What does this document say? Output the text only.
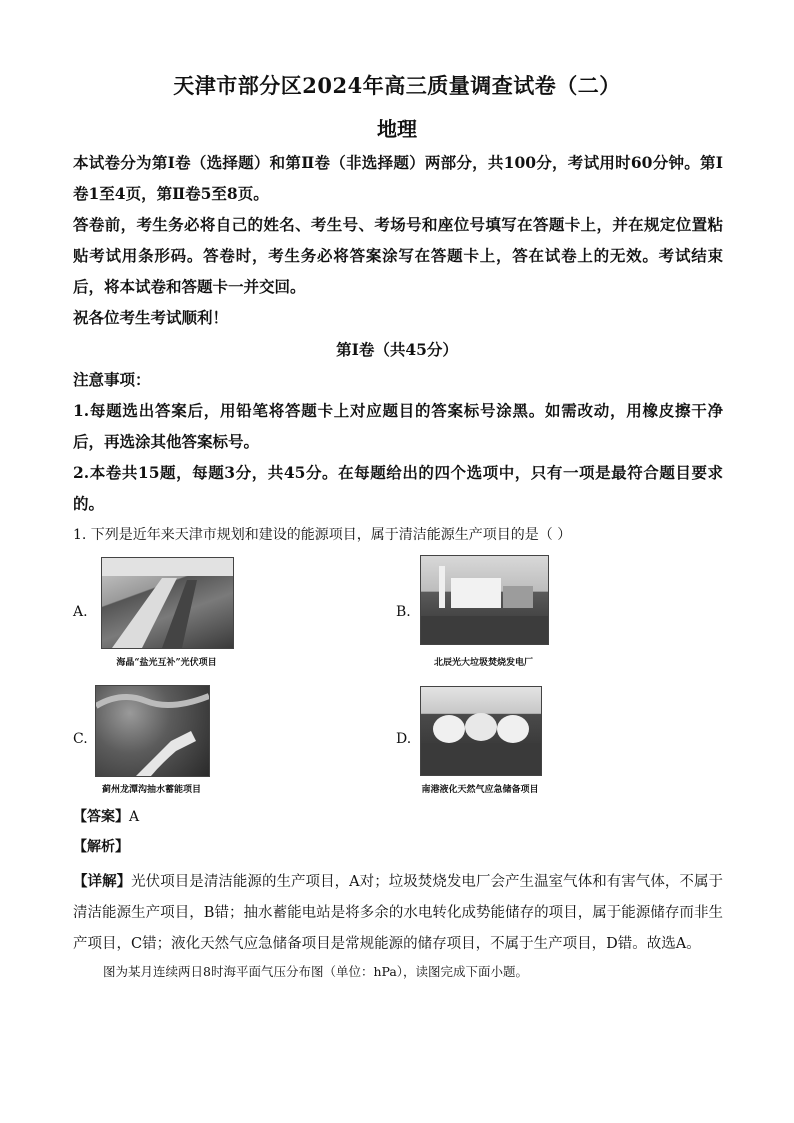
天津市部分区2024年高三质量调查试卷（二）
地理
本试卷分为第Ⅰ卷（选择题）和第Ⅱ卷（非选择题）两部分，共100分，考试用时60分钟。第Ⅰ卷1至4页，第Ⅱ卷5至8页。
答卷前，考生务必将自己的姓名、考生号、考场号和座位号填写在答题卡上，并在规定位置粘贴考试用条形码。答卷时，考生务必将答案涂写在答题卡上，答在试卷上的无效。考试结束后，将本试卷和答题卡一并交回。
祝各位考生考试顺利！
第Ⅰ卷（共45分）
注意事项：
1.每题选出答案后，用铅笔将答题卡上对应题目的答案标号涂黑。如需改动，用橡皮擦干净后，再选涂其他答案标号。
2.本卷共15题，每题3分，共45分。在每题给出的四个选项中，只有一项是最符合题目要求的。
1. 下列是近年来天津市规划和建设的能源项目，属于清洁能源生产项目的是（ ）
A.
海晶“盐光互补”光伏项目
B.
北辰光大垃圾焚烧发电厂
C.
蓟州龙潭沟抽水蓄能项目
D.
南港液化天然气应急储备项目
【答案】A
【解析】
【详解】光伏项目是清洁能源的生产项目，A对；垃圾焚烧发电厂会产生温室气体和有害气体，不属于清洁能源生产项目，B错；抽水蓄能电站是将多余的水电转化成势能储存的项目，属于能源储存而非生产项目，C错；液化天然气应急储备项目是常规能源的储存项目，不属于生产项目，D错。故选A。
图为某月连续两日8时海平面气压分布图（单位：hPa），读图完成下面小题。
